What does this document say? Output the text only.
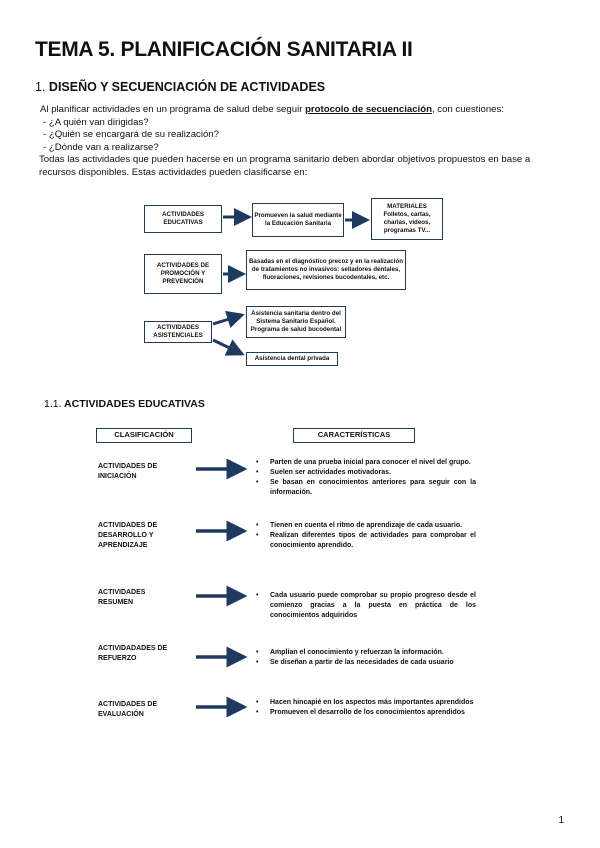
TEMA 5. PLANIFICACIÓN SANITARIA II
1. DISEÑO Y SECUENCIACIÓN DE ACTIVIDADES
Al planificar actividades en un programa de salud debe seguir protocolo de secuenciación, con cuestiones:
- ¿A quién van dirigidas?
- ¿Quién se encargará de su realización?
- ¿Dónde van a realizarse?
Todas las actividades que pueden hacerse en un programa sanitario deben abordar objetivos propuestos en base a
recursos disponibles. Estas actividades pueden clasificarse en:
ACTIVIDADES EDUCATIVAS
Promueven la salud mediante la Educación Sanitaria
MATERIALES
Folletos, cartas, charlas, vídeos, programas TV...
ACTIVIDADES DE PROMOCIÓN Y PREVENCIÓN
Basadas en el diagnóstico precoz y en la realización de tratamientos no invasivos: selladores dentales, fluoraciones, revisiones bucodentales, etc.
ACTIVIDADES ASISTENCIALES
Asistencia sanitaria dentro del Sistema Sanitario Español. Programa de salud bucodental
Asistencia dental privada
1.1. ACTIVIDADES EDUCATIVAS
CLASIFICACIÓN	CARACTERÍSTICAS
ACTIVIDADES DE INICIACIÓN
• Parten de una prueba inicial para conocer el nivel del grupo.
• Suelen ser actividades motivadoras.
• Se basan en conocimientos anteriores para seguir con la información.
ACTIVIDADES DE DESARROLLO Y APRENDIZAJE
• Tienen en cuenta el ritmo de aprendizaje de cada usuario.
• Realizan diferentes tipos de actividades para comprobar el conocimiento aprendido.
ACTIVIDADES RESUMEN
• Cada usuario puede comprobar su propio progreso desde el comienzo gracias a la puesta en práctica de los conocimientos adquiridos
ACTIVIDADADES DE REFUERZO
• Amplían el conocimiento y refuerzan la información.
• Se diseñan a partir de las necesidades de cada usuario
ACTIVIDADES DE EVALUACIÓN
• Hacen hincapié en los aspectos más importantes aprendidos
• Promueven el desarrollo de los conocimientos aprendidos
1
